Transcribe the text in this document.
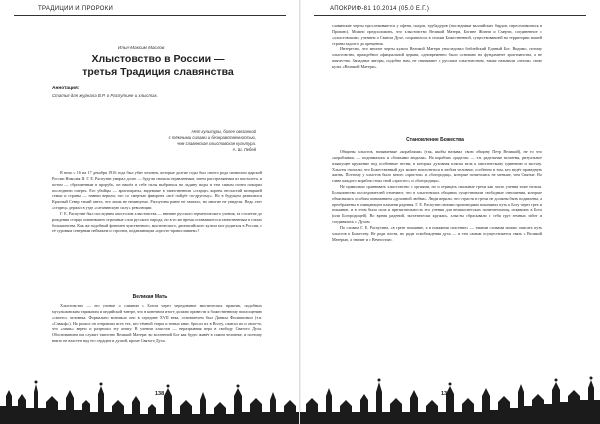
ТРАДИЦИИ И ПРОРОКИ
Илья-Максим Маслов
Хлыстовство в России —
третья Традиция славянства
Аннотация:
Статья для журнала В.Р. о Распутине и хлыстах.
Нет культуры, более связанной
с тёмными силами и безнравственностью,
чем славянская хлыстовская культура.
А. Ш. Лебей

В ночь с 16 на 17 декабря 1916 года был убит человек, которые долгие годы был своего рода символом царской России Николая II. Г. Е. Распутин умирал долго — будучи сначала отравленным, затем расстрелянным из пистолета, и потом — сброшенным в прорубь, он нашёл в себе силы выбраться на льдину воды и тем самым почти покорил последнюю смерть. Его убийцы — аристократы, видевшие в таинственном «старце» корень несчастий монаршей семьи и страны — навеки верили, что со смертью фаворита «всё пойдёт по-другому». Но в будущем развалился Красный Север тихий ангел, что лишь не неминуемо. Распутина ранее не хватало, но многие не увидели. Ведь этот «старец» держал в узде «сатанинскую силу» революции.

Г. Е. Распутин был последним апостолом хлыстовства — внешне русского герметического учения, за столетие до рождения старца охватившего огромные слои русского народа, но в то же время остававшегося таинственным в глазах большинства. Как же подобный феномен чувственного, мистического, дионисийского культа мог родиться в России, с её суровым северным пейзажем и строгим, подавляющим «просто-православием»?

Великая Мать

Хлыстовство — это учение о слиянии с Богом через чередование мистических практик, подобных мусульманским тарикатам и индийской тантре, что в конечном итоге должно привести к божественному воплощению «своего» человека. Формально возникло оно в середине XVII века, основателем был Данила Филиппович (т.н. «Саваоф»). На раскол он отправлял всех тех, кто тёмной стары и новых книг, бросал их в Волгу, сжигал их и свои-то, что «лишь» верно и разрешал эту книгу. В учении хлыстов — неразрывная вера в свободу Святого Духа. Обоснованием им служит таинство Великой Матери: во вселенной Бог как будто живёт в самом человеке, и поэтому никто не властен над его сердцем и душой, кроме Святого Духа.

138
АПОКРИФ-81 10.2014 (05.0 Е.Г.)

славянские черты прослеживаются у офеня, скадов, трубадуров (наследники валлийских бардов, переселившихся в Прованс). Можно предположить, что хлыстовство Великой Матери, Богине Жизни и Смерти, соединенное с «хлыстовским» учением о Святом Духе, сохранилось в стихии Божественной, существовавшей на территории нашей страны задолго до крещения.

Интересно, что многие черты культа Великой Матери унаследовал библейский Единый Бог. Видимо, потому хлыстовство, враждебное официальной церкви, одновременно было основано на фундаменте христианства, а не язычества. Западные авторы, подобно нам, не связывают с русским хлыстовством, также называли «чехом» свою культ «Великой Матери».

Становление Божества

Общины хлыстов, называемые «кораблями» (так, якобы называл свою общину Петр Великий), не то что «кораблями» — поднимались и «божьими людьми». На кораблях «радели» — т.н. радельные молитвы, ритуальное пляшущее кружение под особенные песни, в которых духовная пляска вела к мистическому единению и экстазу. Хлысты считали, что Божественный дух может воплотиться в любом человеке, особенно в том, кто ведёт праведную жизнь. Поэтому у хлыстов было много «христов» и «богородиц», которые почитались не меньше, чем Святые. Во главе каждого корабля стоял свой «христос» и «богородица».

Не правильно сравнивать хлыстовство с оргиями, но и отрицать свальные грехи как часть учения тоже нельзя. Большинство исследователей отмечают, что в хлыстовских общинах существовали свободные отношения, которые объяснялись особым пониманием «духовной любви». Люди верили, что страсти и грехи не должны быть подавлены, а преображены в очищающем пламени радения. Г. Е. Распутин своими проповедями показывал путь к Богу через грех и покаяние, и в этом была сила и притягательность его учения для великосветских почитательниц, искавших в Бога (или Богородицей). Во время радений, экстатически кружась, хлысты сбрасывали с себя груз земных забот и соединялись с Духом.

По словам Г. Е. Распутина, «в грехе покаяние, а в покаянии спасение» — такими словами можно описать путь хлыстов к Божеству. Не ради плоти, но ради освобождения духа — и тем самым осуществляется связь с Великой Матерью, а значит и с Вечностью.

139
